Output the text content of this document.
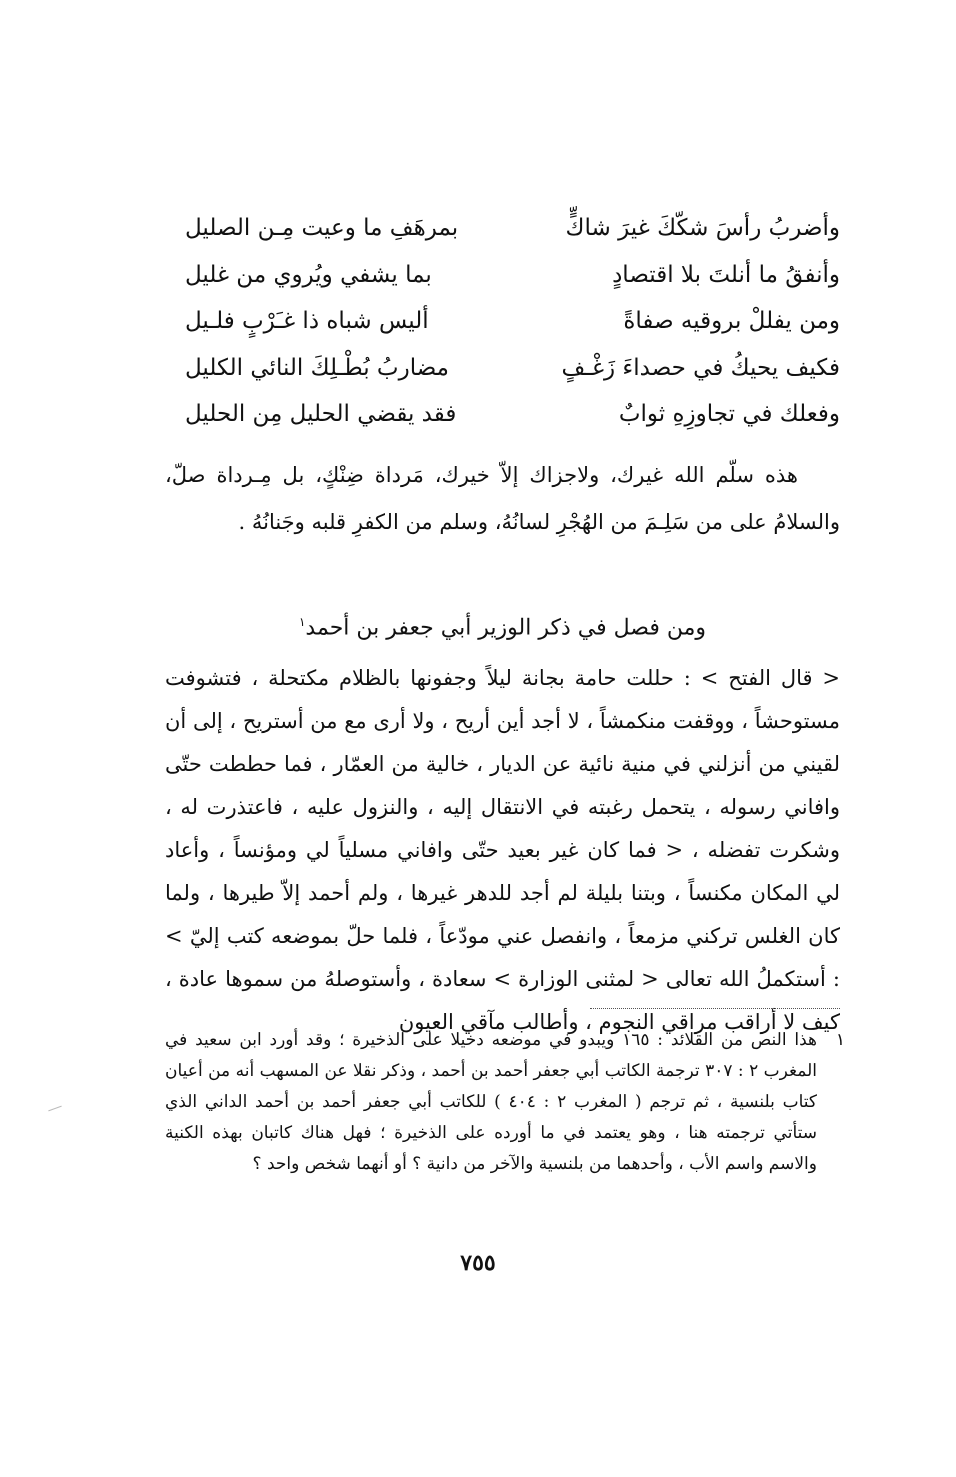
وأضربُ رأسَ شكّكَ غيرَ شاكٍّ
بمرهَفِ ما وعيت مِـن الصليل
وأنفقُ ما أنلتَ بلا اقتصادٍ
بما يشفي ويُروي من غليل
ومن يفللْ بروقيه صفاةً
أليس شباه ذا غـَرْبٍ فلـيل
فكيف يحيكُ في حصداءَ زَغْـفٍ
مضاربُ بُطْـلِكَ النائي الكليل
وفعلك في تجاوزِهِ ثوابٌ
فقد يقضي الحليل مِن الحليل

هذه سلّم الله غيرك، ولاجزاك إلاّ خيرك، مَرداة ضِنْكٍ، بل مِـرداة صلّ، والسلامُ على من سَلِـمَ من الهُجْرِ لسانُهُ، وسلم من الكفرِ قلبه وجَنانُهُ .

ومن فصل في ذكر الوزير أبي جعفر بن أحمد$^١$

< قال الفتح > : حللت حامة بجانة ليلاً وجفونها بالظلام مكتحلة ، فتشوفت مستوحشاً ، ووقفت منكمشاً ، لا أجد أين أريح ، ولا أرى مع من أستريح ، إلى أن لقيني من أنزلني في منية نائية عن الديار ، خالية من العمّار ، فما حططت حتّى وافاني رسوله ، يتحمل رغبته في الانتقال إليه ، والنزول عليه ، فاعتذرت له ، وشكرت تفضله ، < فما كان غير بعيد حتّى وافاني مسلياً لي ومؤنساً ، وأعاد لي المكان مكنساً ، وبتنا بليلة لم أجد للدهر غيرها ، ولم أحمد إلاّ طيرها ، ولما كان الغلس تركني مزمعاً ، وانفصل عني مودّعاً ، فلما حلّ بموضعه كتب إليّ > : أستكملُ الله تعالى < لمثنى الوزارة > سعادة ، وأستوصلهُ من سموها عادة ، كيف لا أراقب مراقي النجوم ، وأطالب مآقي العيون

١
هذا النص من القلائد : ١٦٥ ويبدو في موضعه دخيلا على الذخيرة ؛ وقد أورد ابن سعيد في المغرب ٢ : ٣٠٧ ترجمة الكاتب أبي جعفر أحمد بن أحمد ، وذكر نقلا عن المسهب أنه من أعيان كتاب بلنسية ، ثم ترجم ( المغرب ٢ : ٤٠٤ ) للكاتب أبي جعفر أحمد بن أحمد الداني الذي ستأتي ترجمته هنا ، وهو يعتمد في ما أورده على الذخيرة ؛ فهل هناك كاتبان بهذه الكنية والاسم واسم الأب ، وأحدهما من بلنسية والآخر من دانية ؟ أو أنهما شخص واحد ؟
٧٥٥
